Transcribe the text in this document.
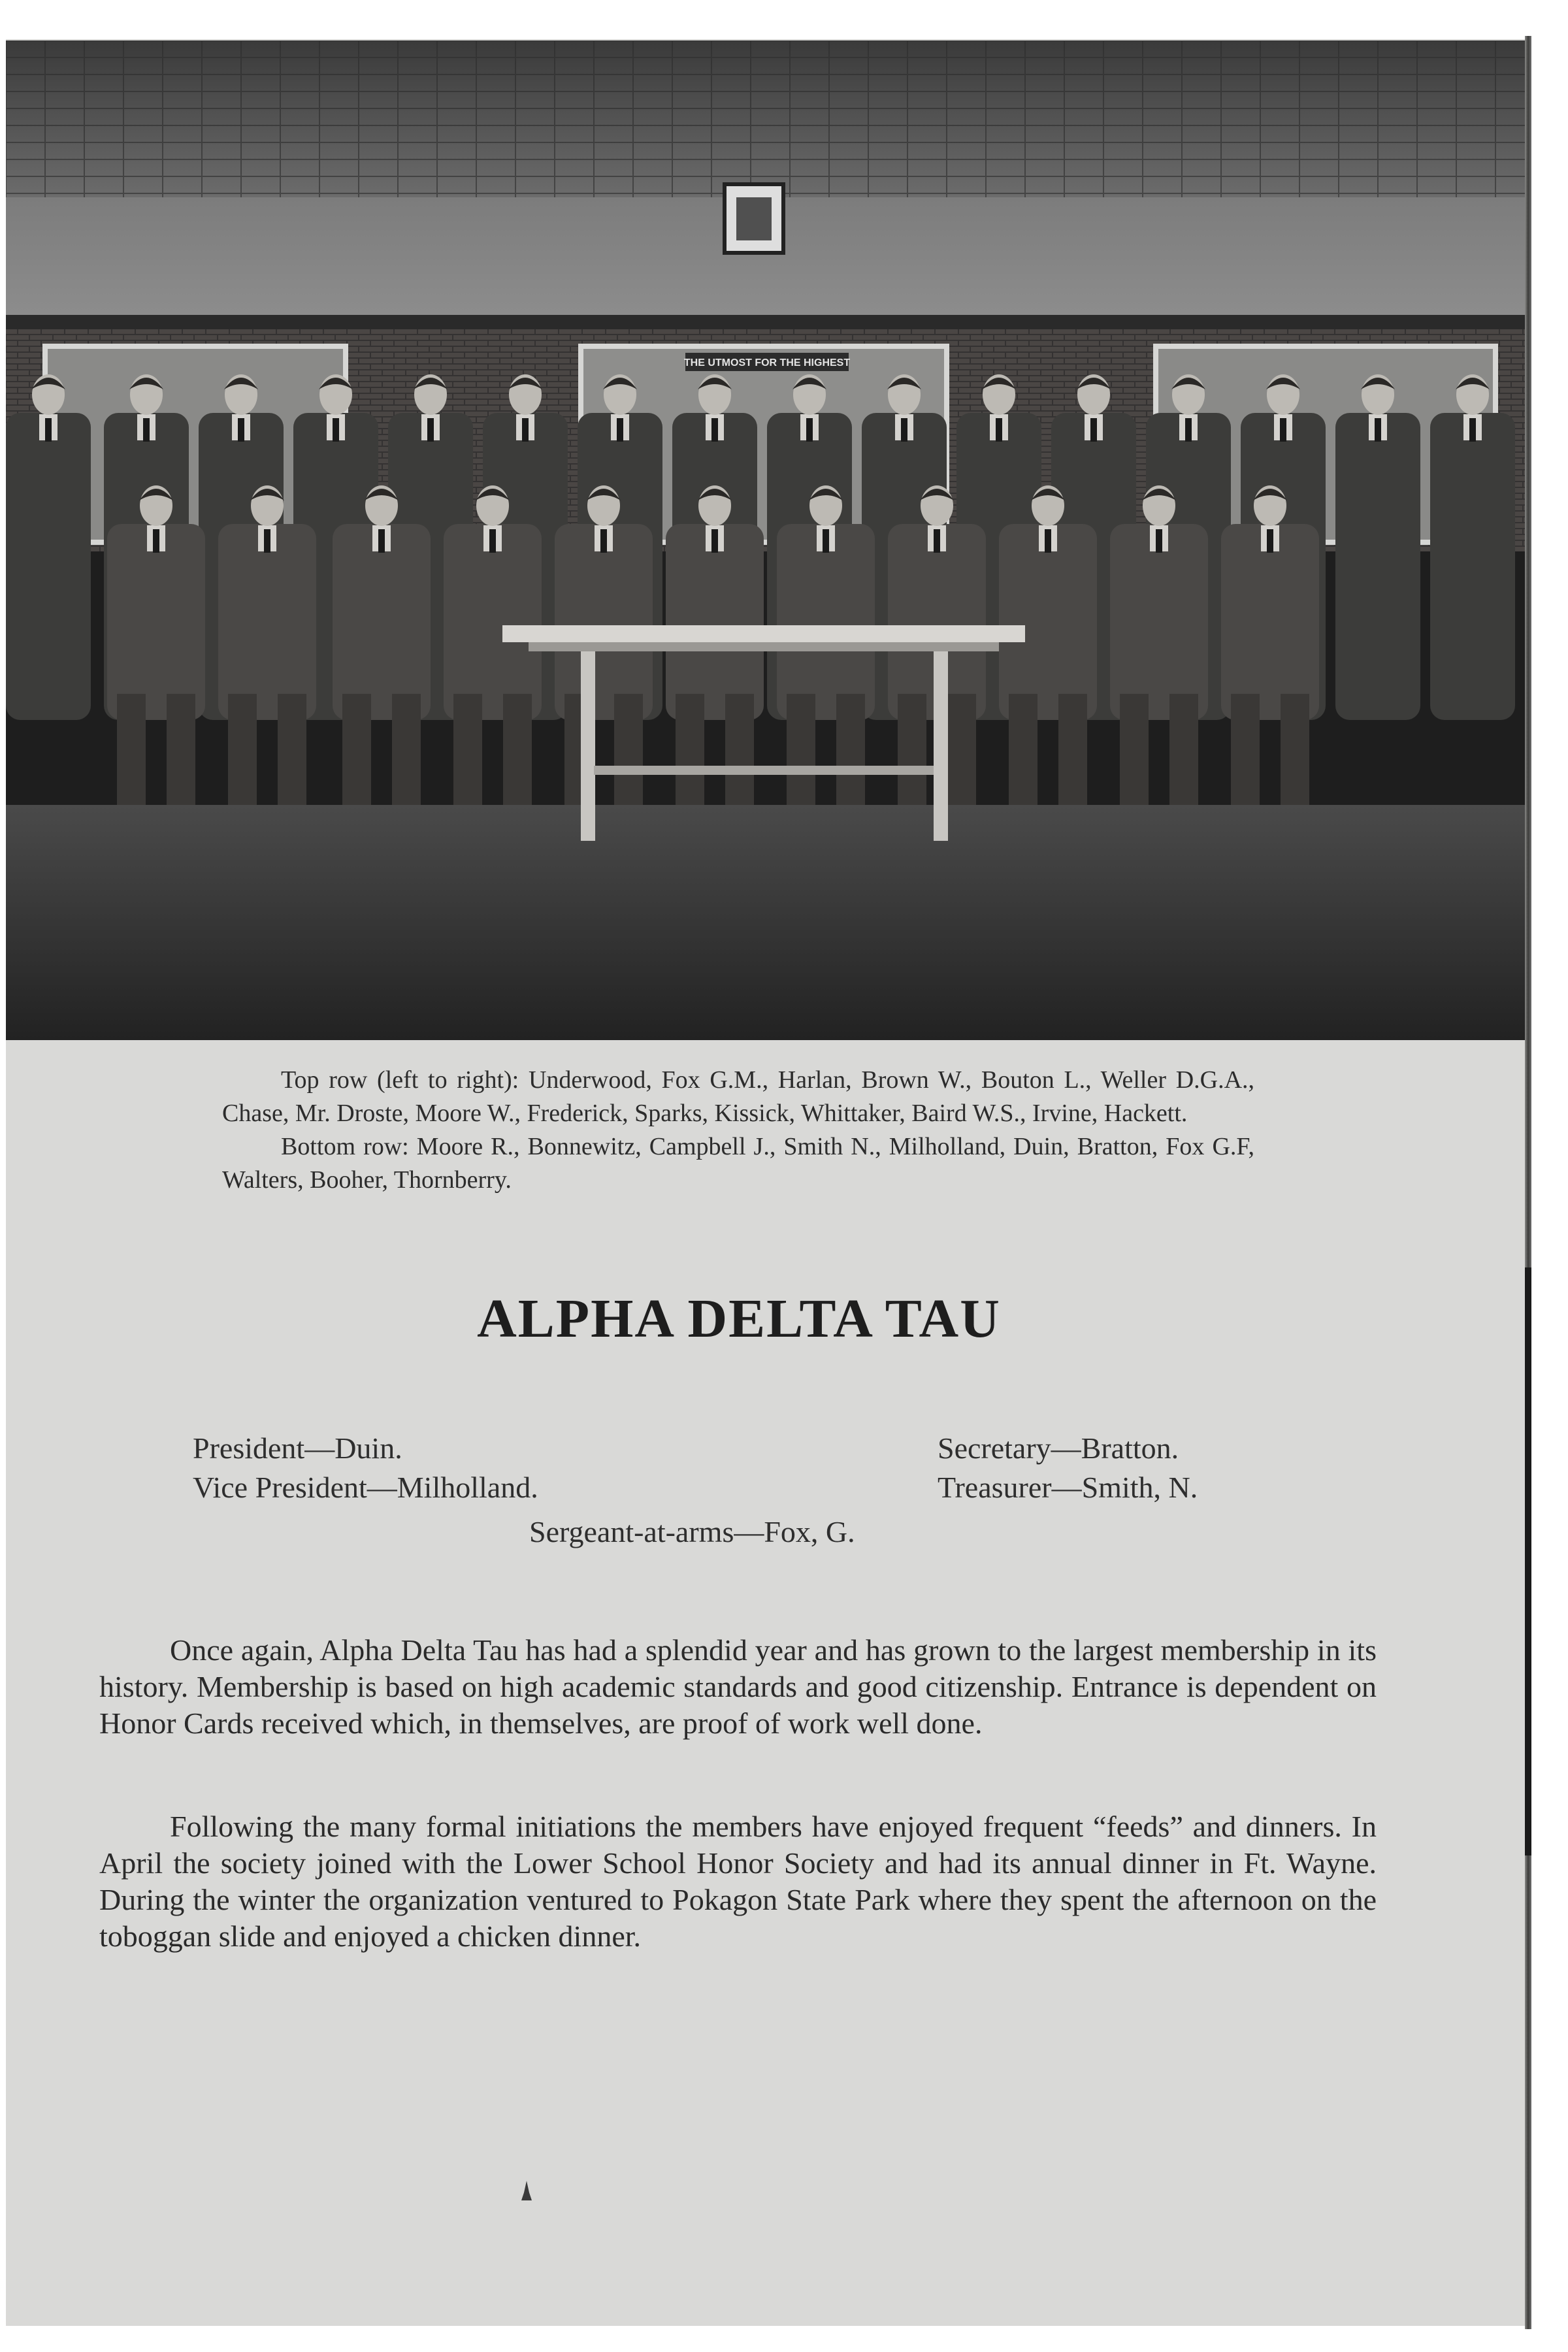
THE UTMOST FOR THE HIGHEST

Top row (left to right): Underwood, Fox G.M., Harlan, Brown W., Bouton L., Weller D.G.A., Chase, Mr. Droste, Moore W., Frederick, Sparks, Kissick, Whittaker, Baird W.S., Irvine, Hackett.

Bottom row: Moore R., Bonnewitz, Campbell J., Smith N., Milholland, Duin, Bratton, Fox G.F, Walters, Booher, Thornberry.

ALPHA DELTA TAU
President—Duin.
Vice President—Milholland.
Secretary—Bratton.
Treasurer—Smith, N.
Sergeant-at-arms—Fox, G.

Once again, Alpha Delta Tau has had a splendid year and has grown to the largest membership in its history. Membership is based on high academic standards and good citizenship. Entrance is dependent on Honor Cards received which, in themselves, are proof of work well done.

Following the many formal initiations the members have enjoyed frequent “feeds” and dinners. In April the society joined with the Lower School Honor Society and had its annual dinner in Ft. Wayne. During the winter the organization ventured to Pokagon State Park where they spent the afternoon on the toboggan slide and enjoyed a chicken dinner.
